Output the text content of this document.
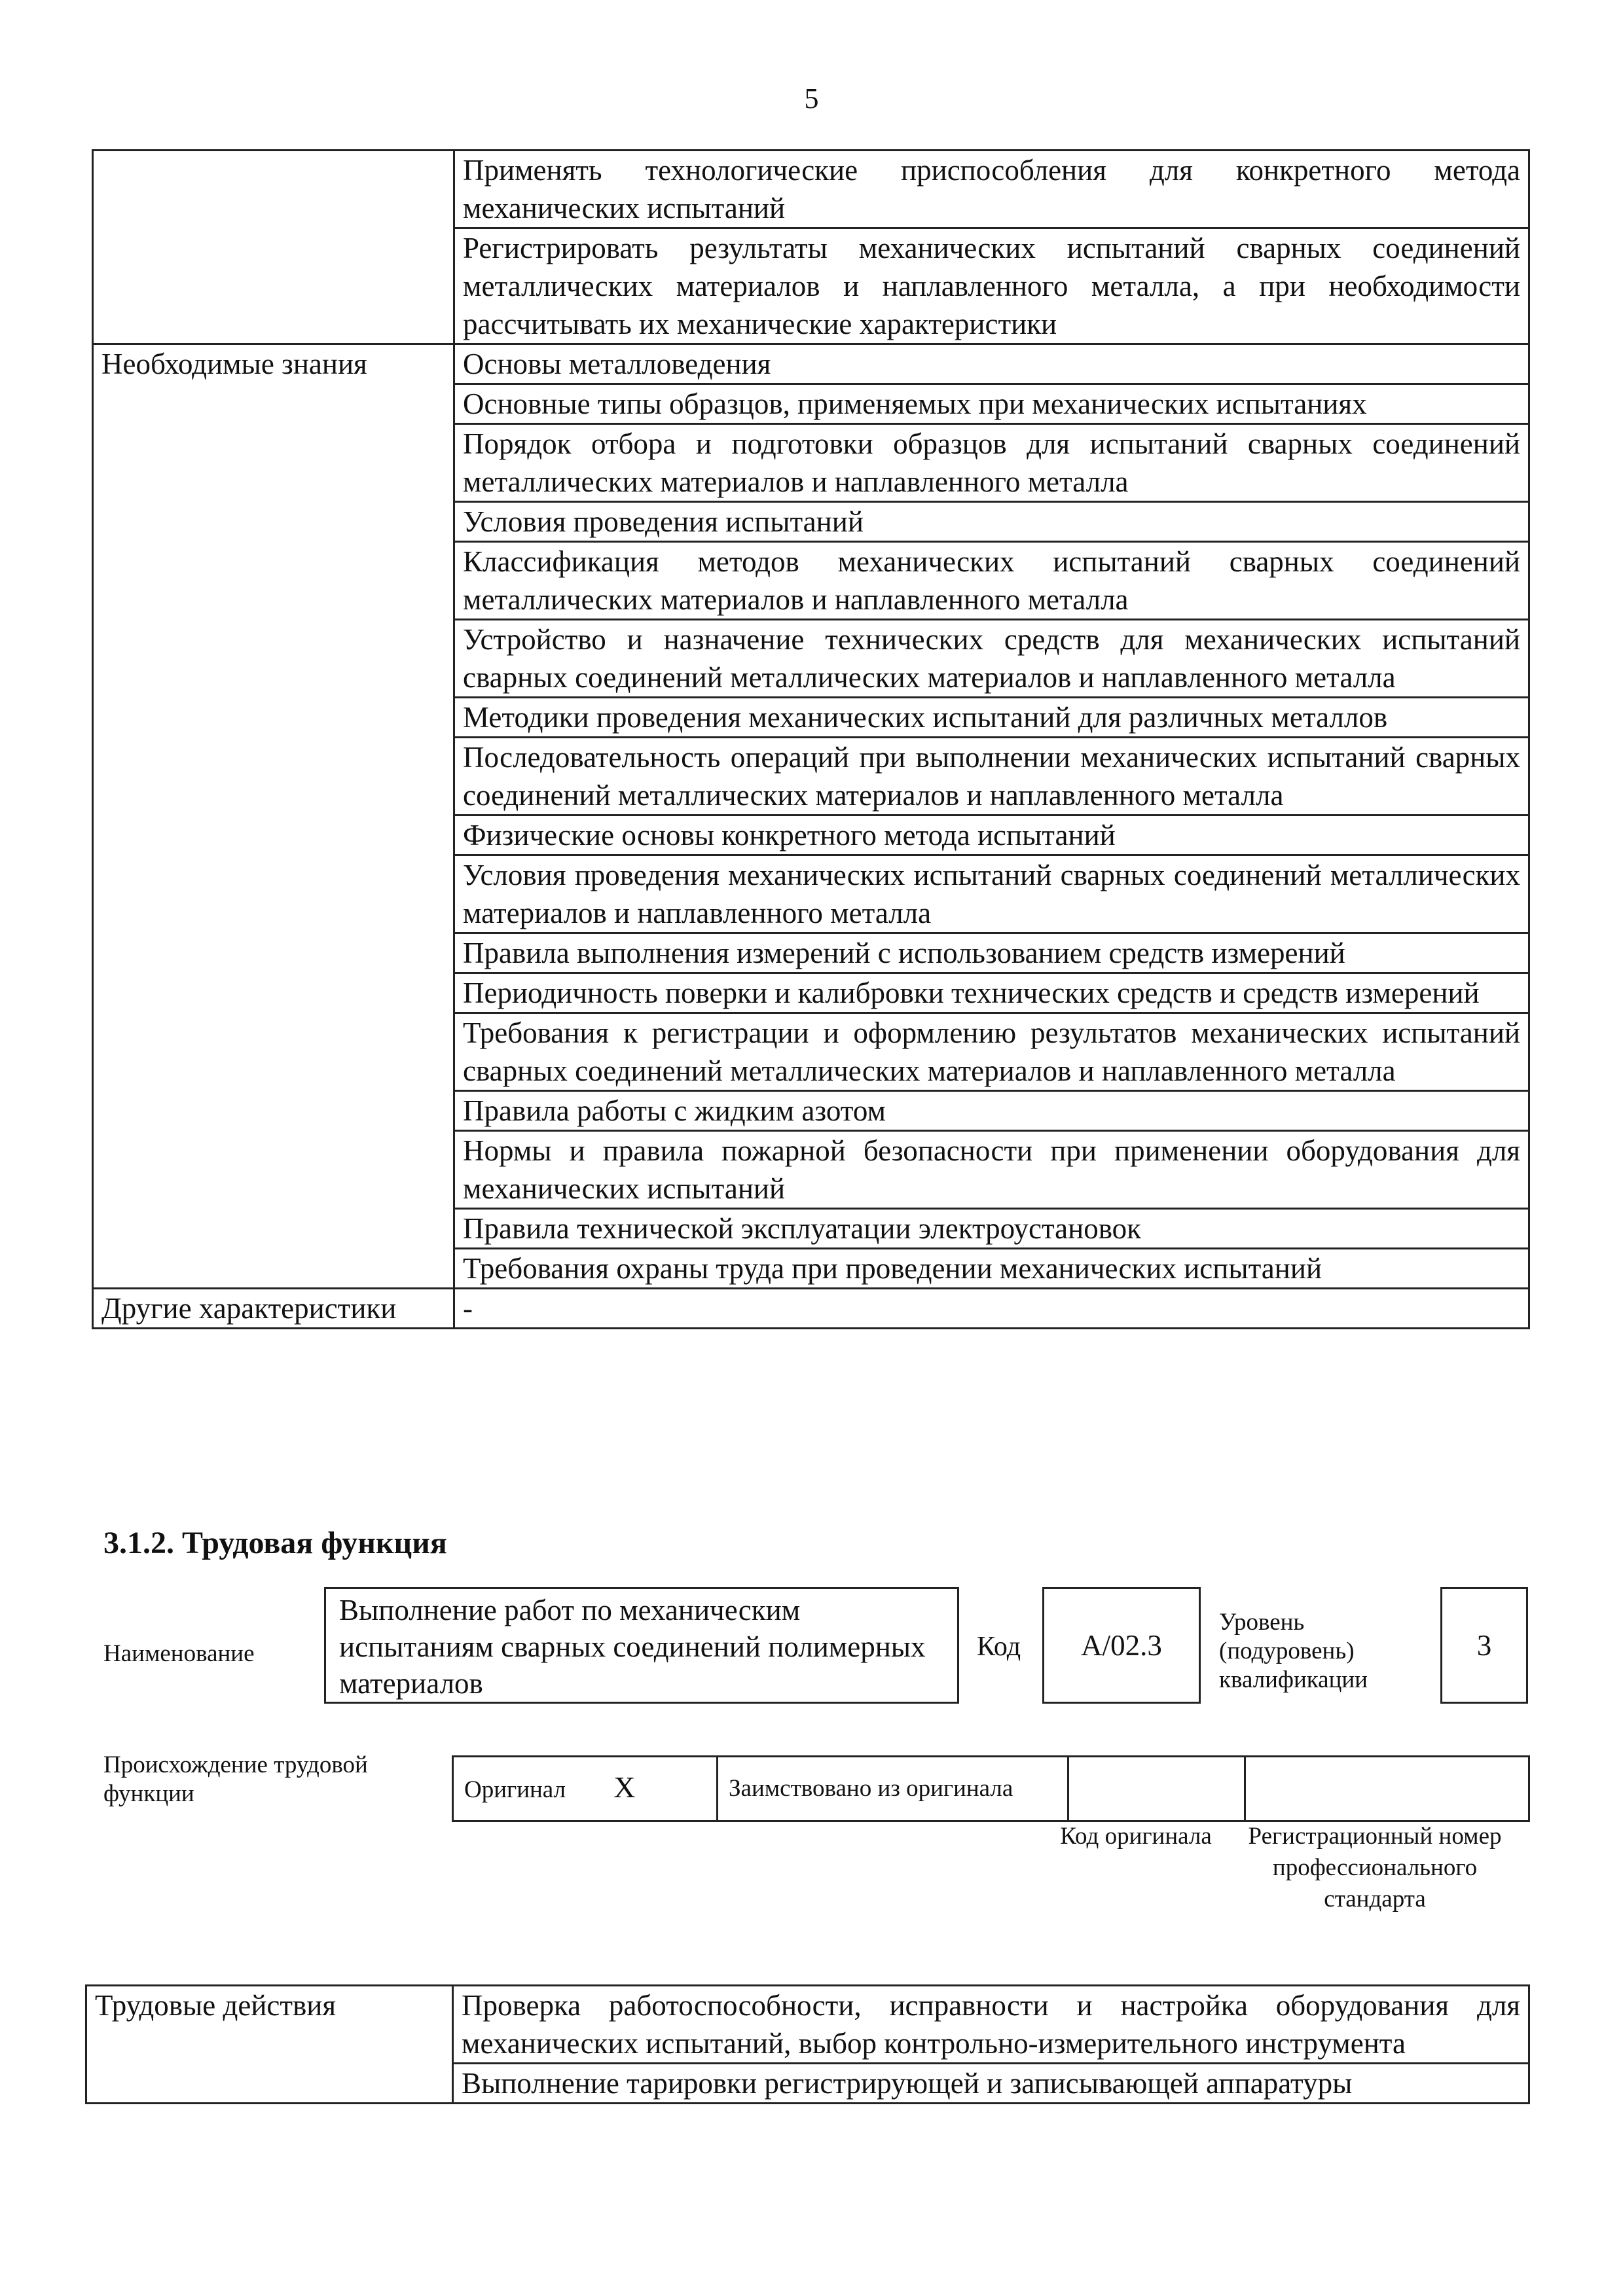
5
	Применять технологические приспособления для конкретного метода механических испытаний
	Регистрировать результаты механических испытаний сварных соединений металлических материалов и наплавленного металла, а при необходимости рассчитывать их механические характеристики
Необходимые знания	Основы металловедения
	Основные типы образцов, применяемых при механических испытаниях
	Порядок отбора и подготовки образцов для испытаний сварных соединений металлических материалов и наплавленного металла
	Условия проведения испытаний
	Классификация методов механических испытаний сварных соединений металлических материалов и наплавленного металла
	Устройство и назначение технических средств для механических испытаний сварных соединений металлических материалов и наплавленного металла
	Методики проведения механических испытаний для различных металлов
	Последовательность операций при выполнении механических испытаний сварных соединений металлических материалов и наплавленного металла
	Физические основы конкретного метода испытаний
	Условия проведения механических испытаний сварных соединений металлических материалов и наплавленного металла
	Правила выполнения измерений с использованием средств измерений
	Периодичность поверки и калибровки технических средств и средств измерений
	Требования к регистрации и оформлению результатов механических испытаний сварных соединений металлических материалов и наплавленного металла
	Правила работы с жидким азотом
	Нормы и правила пожарной безопасности при применении оборудования для механических испытаний
	Правила технической эксплуатации электроустановок
	Требования охраны труда при проведении механических испытаний
Другие характеристики	-
3.1.2. Трудовая функция
Наименование
Выполнение работ по механическим испытаниям сварных соединений полимерных материалов
Код А/02.3
Уровень (подуровень) квалификации
3
Происхождение трудовой функции	Оригинал X	Заимствовано из оригинала		
Код оригинала	Регистрационный номер профессионального стандарта
Трудовые действия	Проверка работоспособности, исправности и настройка оборудования для механических испытаний, выбор контрольно-измерительного инструмента
Выполнение тарировки регистрирующей и записывающей аппаратуры
